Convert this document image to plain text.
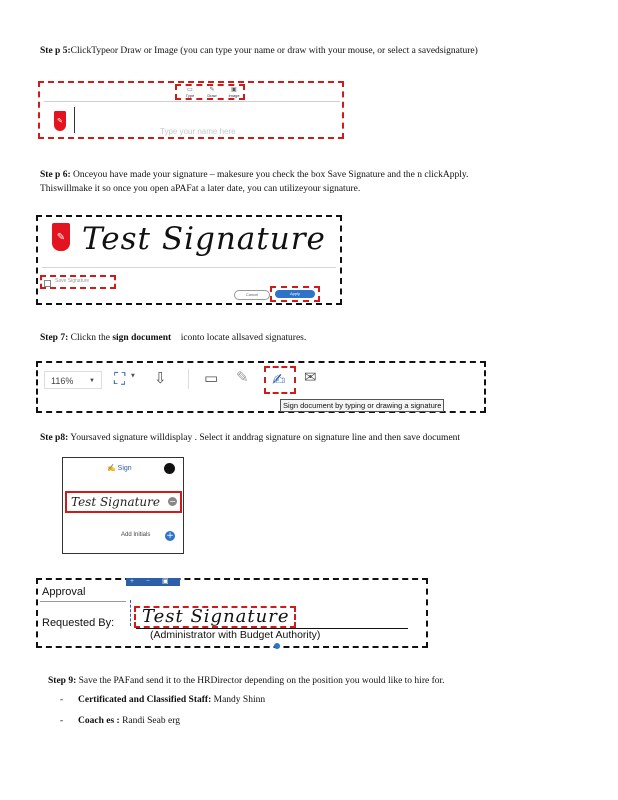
Ste p 5:ClickTypeor Draw or Image (you can type your name or draw with your mouse, or select a savedsignature)
▭
Type
✎
Draw
▣
Image
✎
Type your name here
Ste p 6: Onceyou have made your signature – makesure you check the box Save Signature and the n clickApply.
Thiswillmake it so once you open aPAFat a later date, you can utilizeyour signature.
✎ Test Signature
Save Signature
Cancel	Apply
Step 7: Clickn the sign document iconto locate allsaved signatures.
116%	▼ ⛶ ▼ ⇩ ▭ ✎ ✍ ✉
Sign document by typing or drawing a signature
Ste p8: Yoursaved signature willdisplay . Select it anddrag signature on signature line and then save document
✍ Sign
Test Signature −
Add Initials +
+ − ▣
Approval
Requested By: Test Signature
(Administrator with Budget Authority)
Step 9: Save the PAFand send it to the HRDirector depending on the position you would like to hire for.
- Certificated and Classified Staff: Mandy Shinn
- Coach es : Randi Seab erg
